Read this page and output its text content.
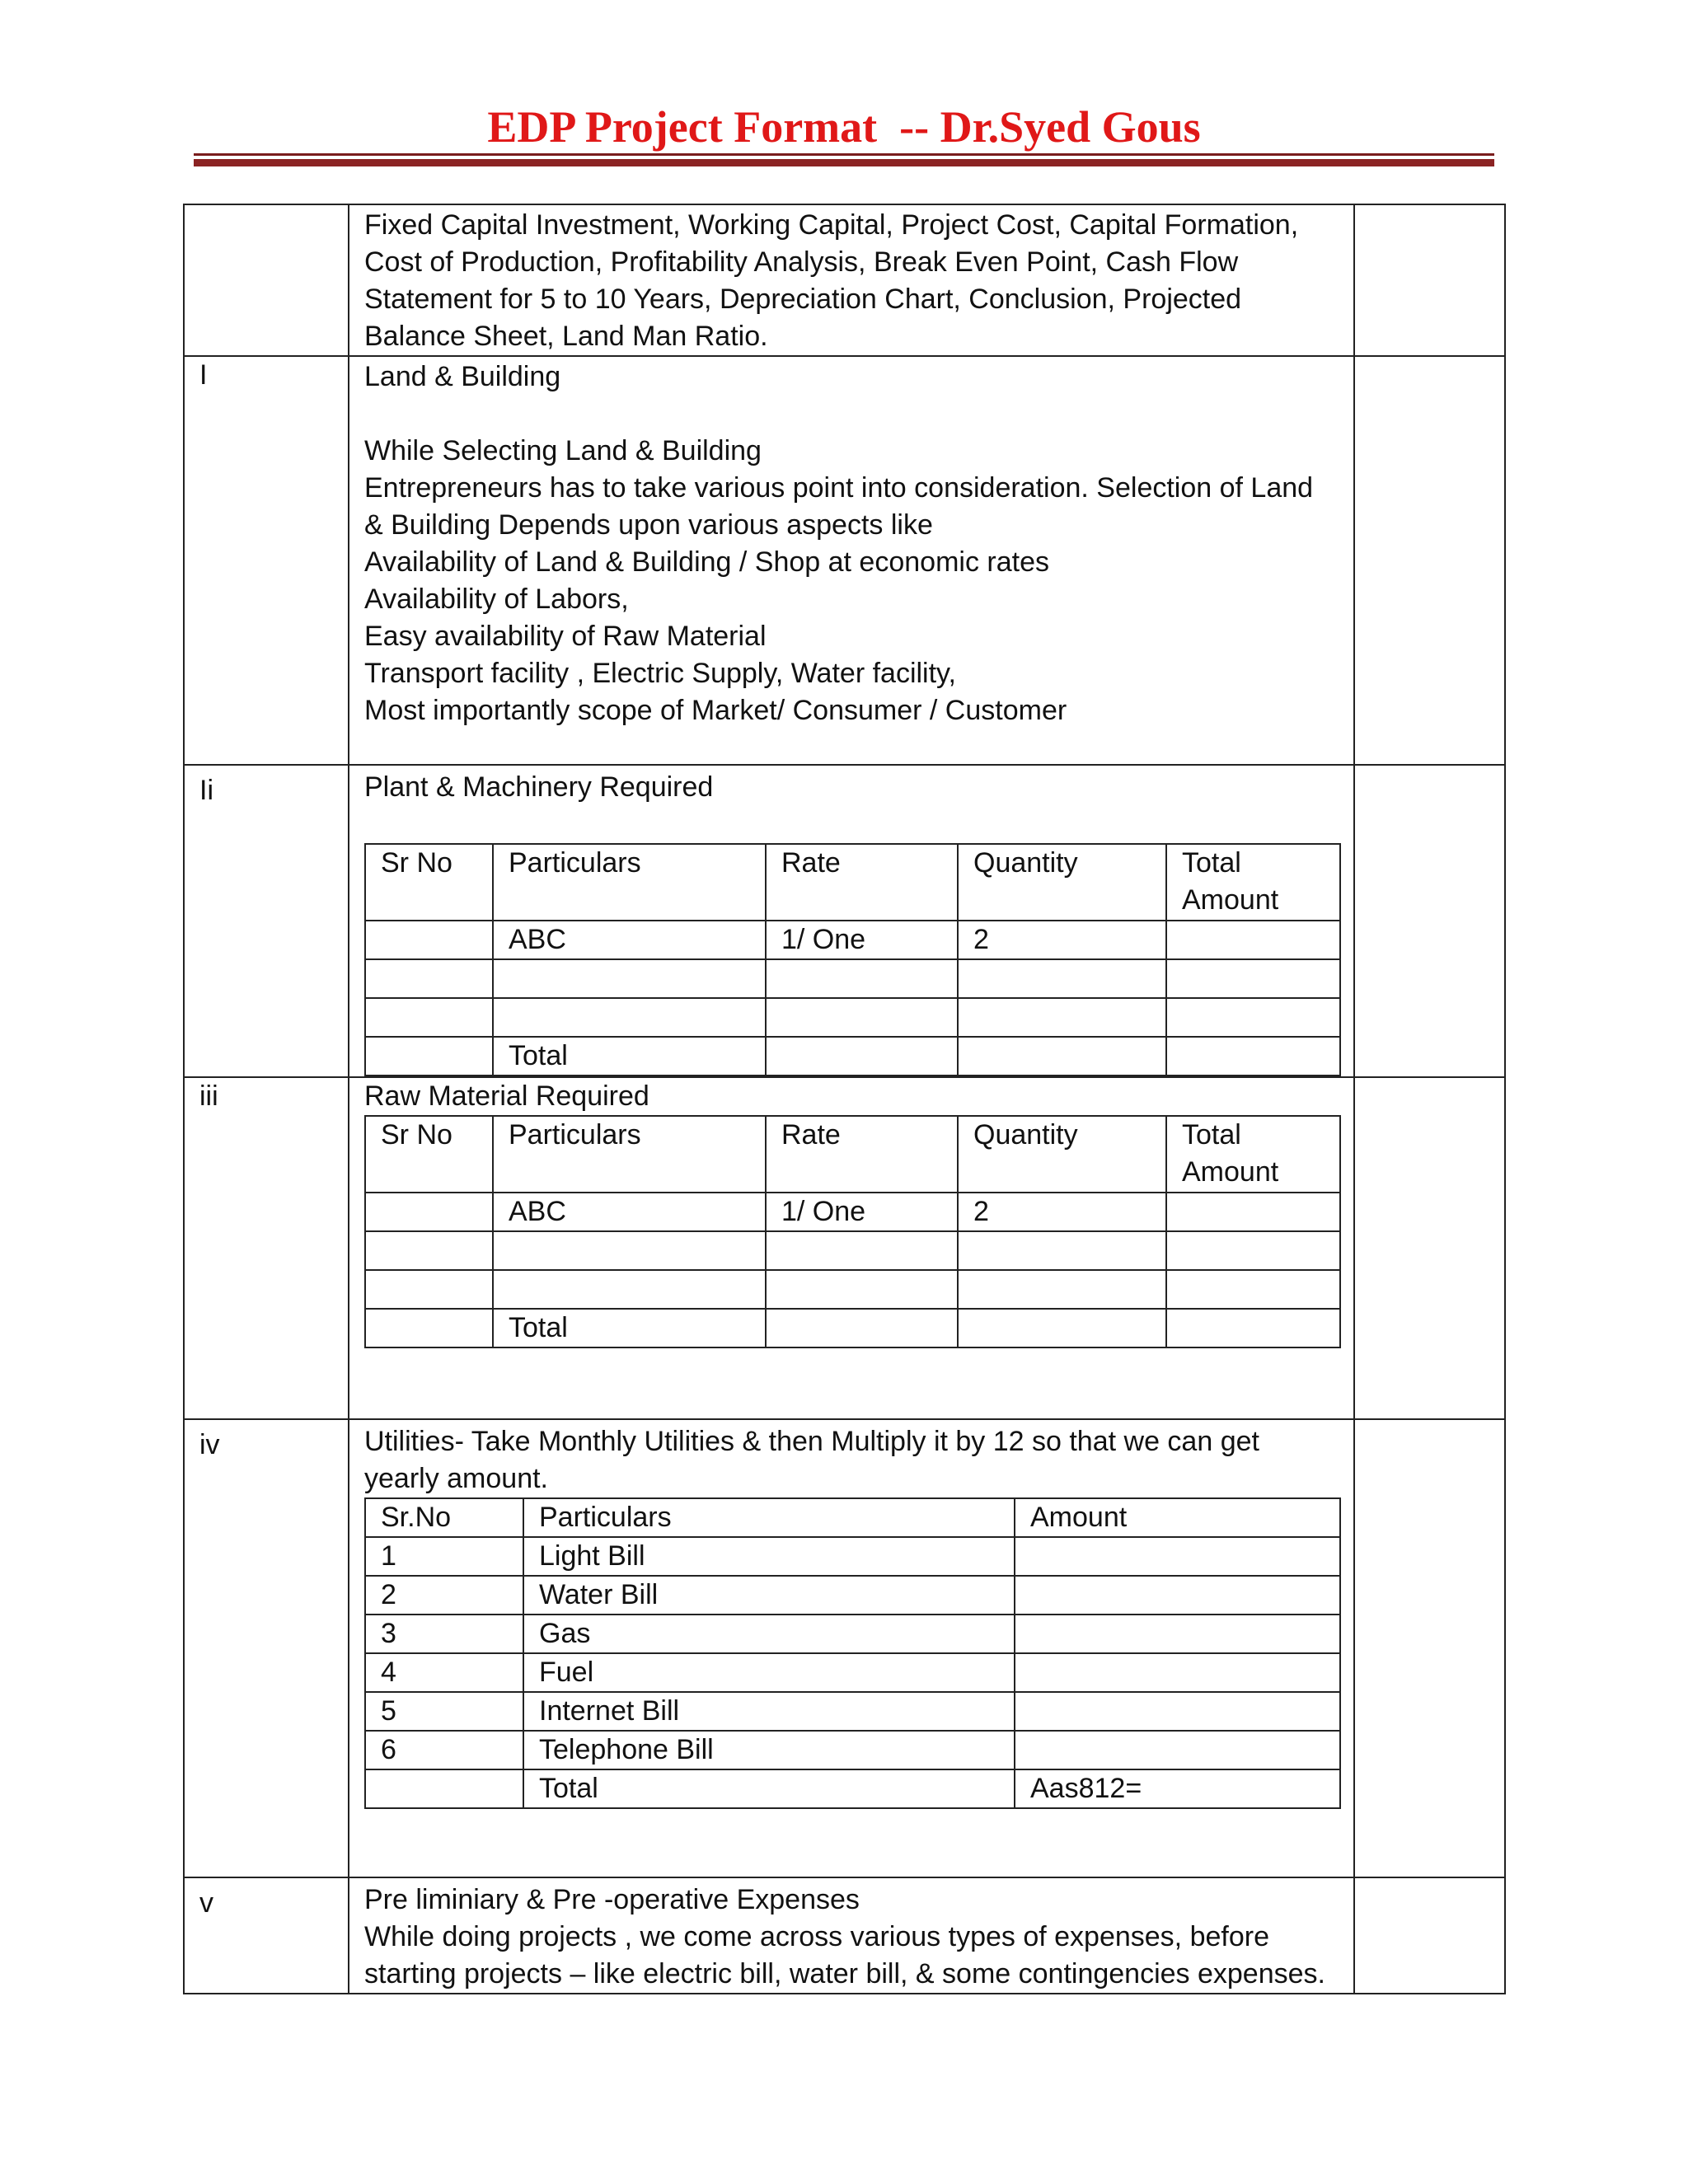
EDP Project Format  -- Dr.Syed Gous

Fixed Capital Investment, Working Capital, Project Cost, Capital Formation, Cost of Production, Profitability Analysis, Break Even Point, Cash Flow Statement for 5 to 10 Years, Depreciation Chart, Conclusion, Projected Balance Sheet, Land Man Ratio.

I	Land & Building

While Selecting Land & Building

Entrepreneurs has to take various point into consideration. Selection of Land & Building Depends upon various aspects like

Availability of Land & Building / Shop at economic rates

Availability of Labors,

Easy availability of Raw Material

Transport facility , Electric Supply, Water facility,

Most importantly scope of Market/ Consumer / Customer

Ii	Plant & Machinery Required

Sr No	Particulars	Rate	Quantity	Total Amount
	ABC	1/ One	2	

	Total			

iii	Raw Material Required

Sr No	Particulars	Rate	Quantity	Total Amount
	ABC	1/ One	2	

	Total			

iv	Utilities- Take Monthly Utilities & then Multiply it by 12 so that we can get yearly amount.

Sr.No	Particulars	Amount
1	Light Bill	
2	Water Bill	
3	Gas	
4	Fuel	
5	Internet Bill	
6	Telephone Bill	
	Total	Aas812=

v	Pre liminiary & Pre -operative Expenses

While doing projects , we come across various types of expenses, before starting projects – like electric bill, water bill, & some contingencies expenses.
